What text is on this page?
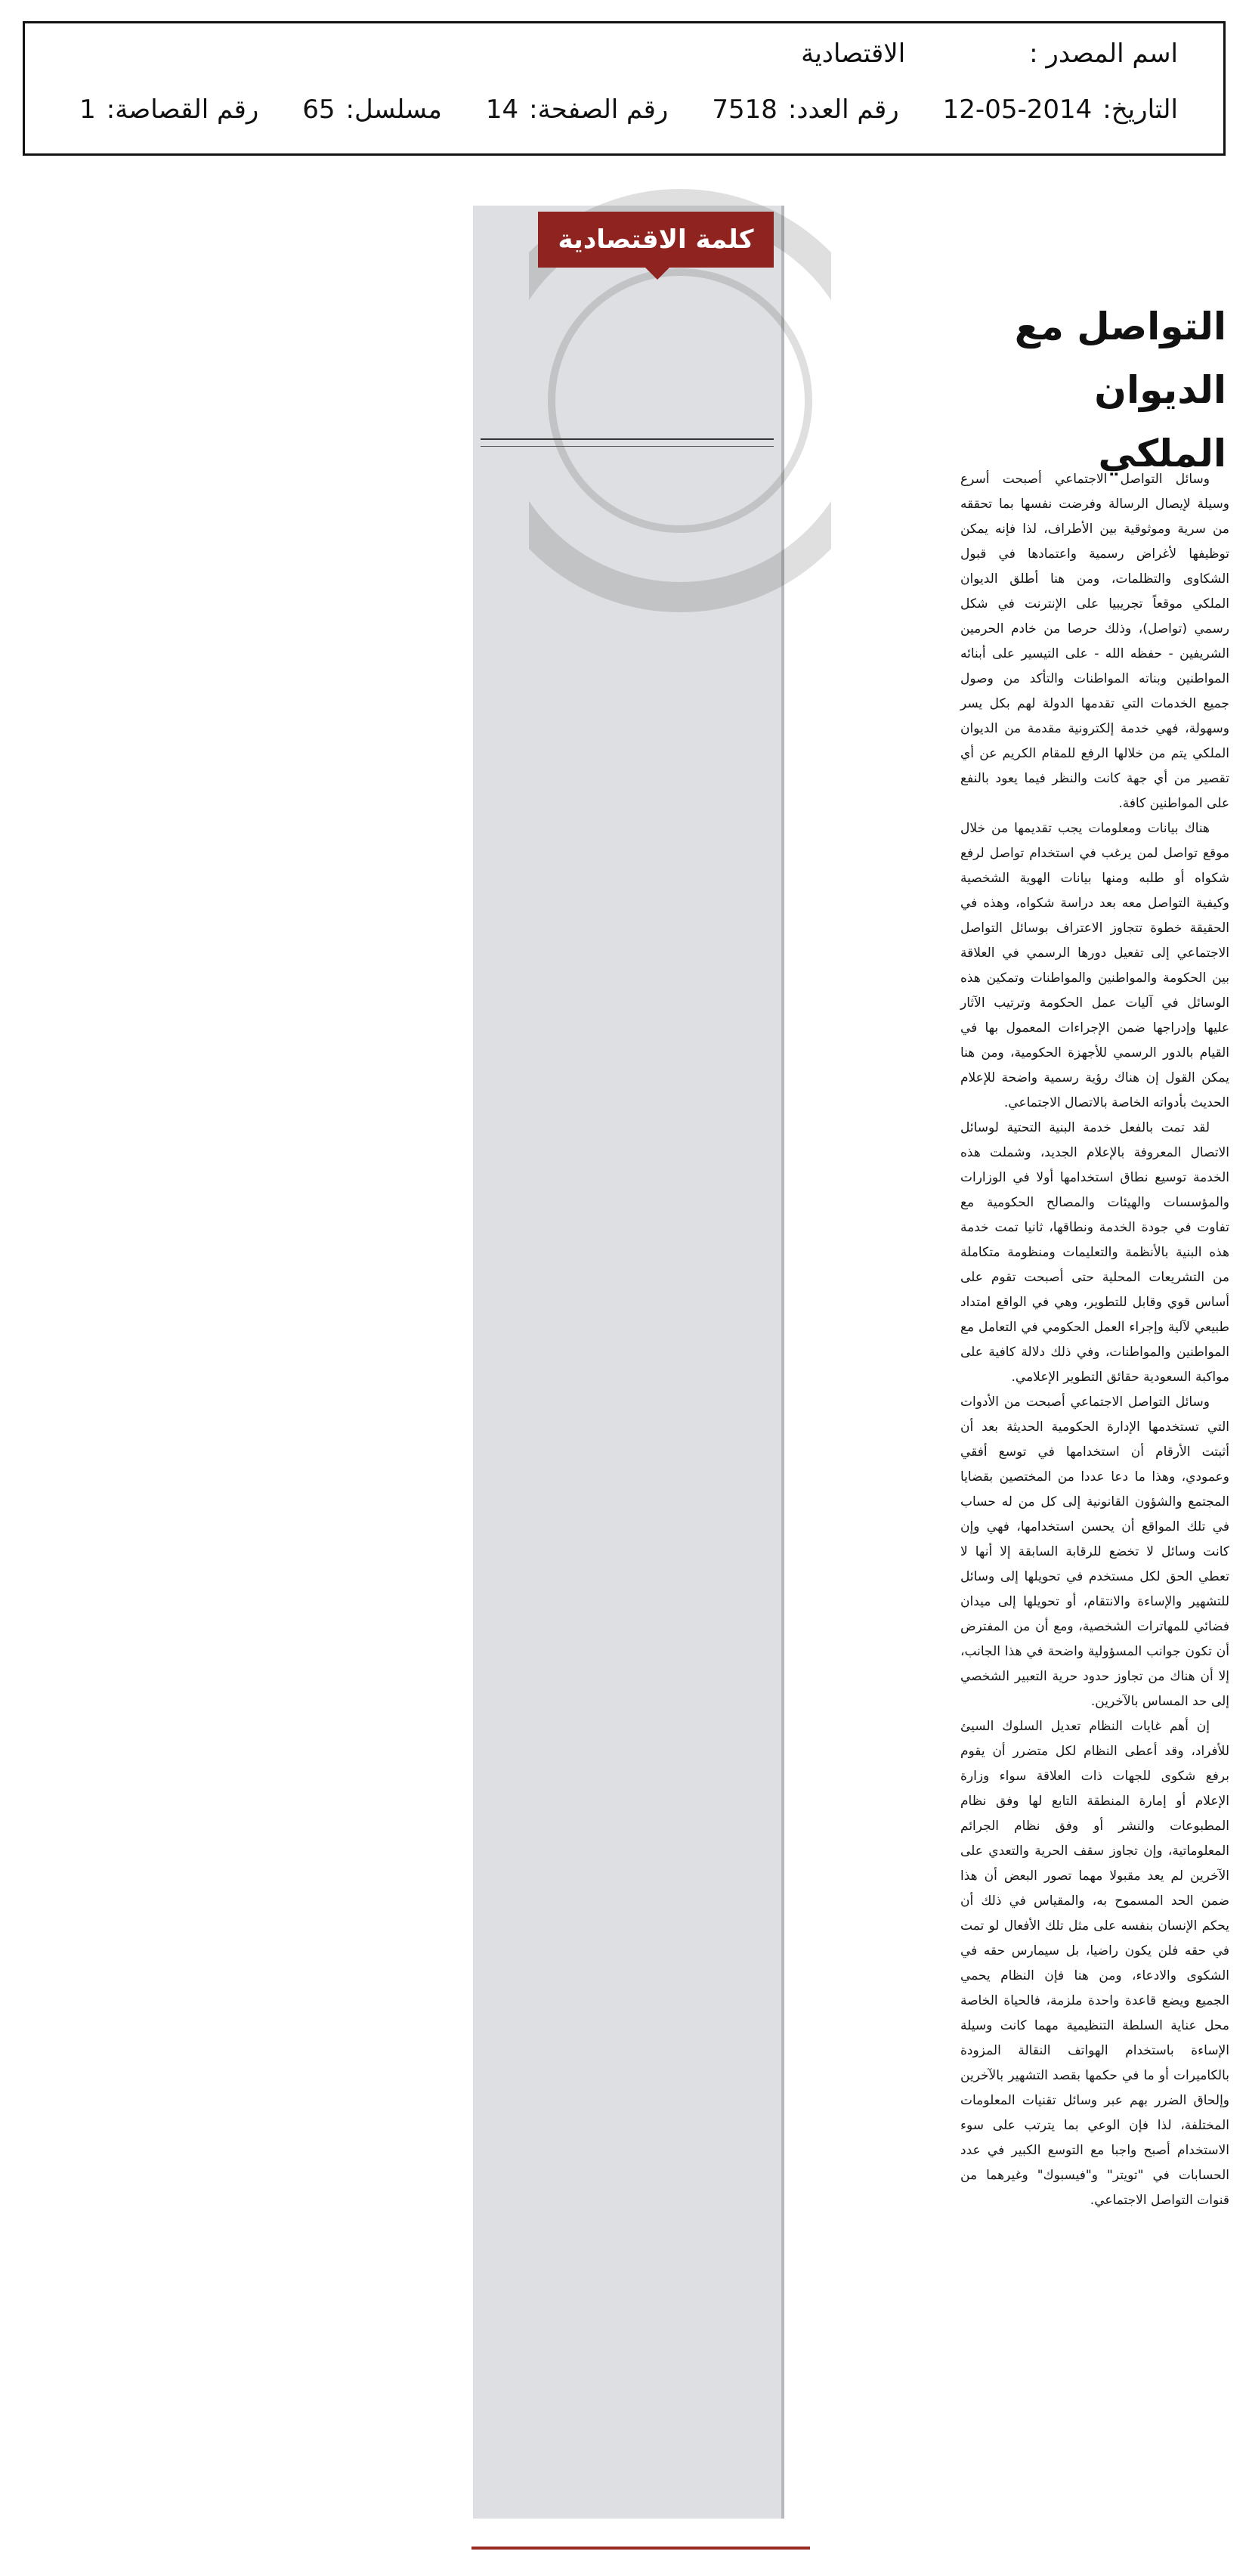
اسم المصدر :الاقتصادية
التاريخ:2014-05-12رقم العدد:7518رقم الصفحة:14مسلسل:65رقم القصاصة:1
كلمة الاقتصادية
التواصل مع
الديوان الملكي

وسائل التواصل الاجتماعي أصبحت أسرع وسيلة لإيصال الرسالة وفرضت نفسها بما تحققه من سرية وموثوقية بين الأطراف، لذا فإنه يمكن توظيفها لأغراض رسمية واعتمادها في قبول الشكاوى والتظلمات، ومن هنا أطلق الديوان الملكي موقعاً تجريبيا على الإنترنت في شكل رسمي (تواصل)، وذلك حرصا من خادم الحرمين الشريفين - حفظه الله - على التيسير على أبنائه المواطنين وبناته المواطنات والتأكد من وصول جميع الخدمات التي تقدمها الدولة لهم بكل يسر وسهولة، فهي خدمة إلكترونية مقدمة من الديوان الملكي يتم من خلالها الرفع للمقام الكريم عن أي تقصير من أي جهة كانت والنظر فيما يعود بالنفع على المواطنين كافة.

هناك بيانات ومعلومات يجب تقديمها من خلال موقع تواصل لمن يرغب في استخدام تواصل لرفع شكواه أو طلبه ومنها بيانات الهوية الشخصية وكيفية التواصل معه بعد دراسة شكواه، وهذه في الحقيقة خطوة تتجاوز الاعتراف بوسائل التواصل الاجتماعي إلى تفعيل دورها الرسمي في العلاقة بين الحكومة والمواطنين والمواطنات وتمكين هذه الوسائل في آليات عمل الحكومة وترتيب الآثار عليها وإدراجها ضمن الإجراءات المعمول بها في القيام بالدور الرسمي للأجهزة الحكومية، ومن هنا يمكن القول إن هناك رؤية رسمية واضحة للإعلام الحديث بأدواته الخاصة بالاتصال الاجتماعي.

لقد تمت بالفعل خدمة البنية التحتية لوسائل الاتصال المعروفة بالإعلام الجديد، وشملت هذه الخدمة توسيع نطاق استخدامها أولا في الوزارات والمؤسسات والهيئات والمصالح الحكومية مع تفاوت في جودة الخدمة ونطاقها، ثانيا تمت خدمة هذه البنية بالأنظمة والتعليمات ومنظومة متكاملة من التشريعات المحلية حتى أصبحت تقوم على أساس قوي وقابل للتطوير، وهي في الواقع امتداد طبيعي لآلية وإجراء العمل الحكومي في التعامل مع المواطنين والمواطنات، وفي ذلك دلالة كافية على مواكبة السعودية حقائق التطوير الإعلامي.

وسائل التواصل الاجتماعي أصبحت من الأدوات التي تستخدمها الإدارة الحكومية الحديثة بعد أن أثبتت الأرقام أن استخدامها في توسع أفقي وعمودي، وهذا ما دعا عددا من المختصين بقضايا المجتمع والشؤون القانونية إلى كل من له حساب في تلك المواقع أن يحسن استخدامها، فهي وإن كانت وسائل لا تخضع للرقابة السابقة إلا أنها لا تعطي الحق لكل مستخدم في تحويلها إلى وسائل للتشهير والإساءة والانتقام، أو تحويلها إلى ميدان فضائي للمهاترات الشخصية، ومع أن من المفترض أن تكون جوانب المسؤولية واضحة في هذا الجانب، إلا أن هناك من تجاوز حدود حرية التعبير الشخصي إلى حد المساس بالآخرين.

إن أهم غايات النظام تعديل السلوك السيئ للأفراد، وقد أعطى النظام لكل متضرر أن يقوم برفع شكوى للجهات ذات العلاقة سواء وزارة الإعلام أو إمارة المنطقة التابع لها وفق نظام المطبوعات والنشر أو وفق نظام الجرائم المعلوماتية، وإن تجاوز سقف الحرية والتعدي على الآخرين لم يعد مقبولا مهما تصور البعض أن هذا ضمن الحد المسموح به، والمقياس في ذلك أن يحكم الإنسان بنفسه على مثل تلك الأفعال لو تمت في حقه فلن يكون راضيا، بل سيمارس حقه في الشكوى والادعاء، ومن هنا فإن النظام يحمي الجميع ويضع قاعدة واحدة ملزمة، فالحياة الخاصة محل عناية السلطة التنظيمية مهما كانت وسيلة الإساءة باستخدام الهواتف النقالة المزودة بالكاميرات أو ما في حكمها بقصد التشهير بالآخرين وإلحاق الضرر بهم عبر وسائل تقنيات المعلومات المختلفة، لذا فإن الوعي بما يترتب على سوء الاستخدام أصبح واجبا مع التوسع الكبير في عدد الحسابات في "تويتر" و"فيسبوك" وغيرهما من قنوات التواصل الاجتماعي.
